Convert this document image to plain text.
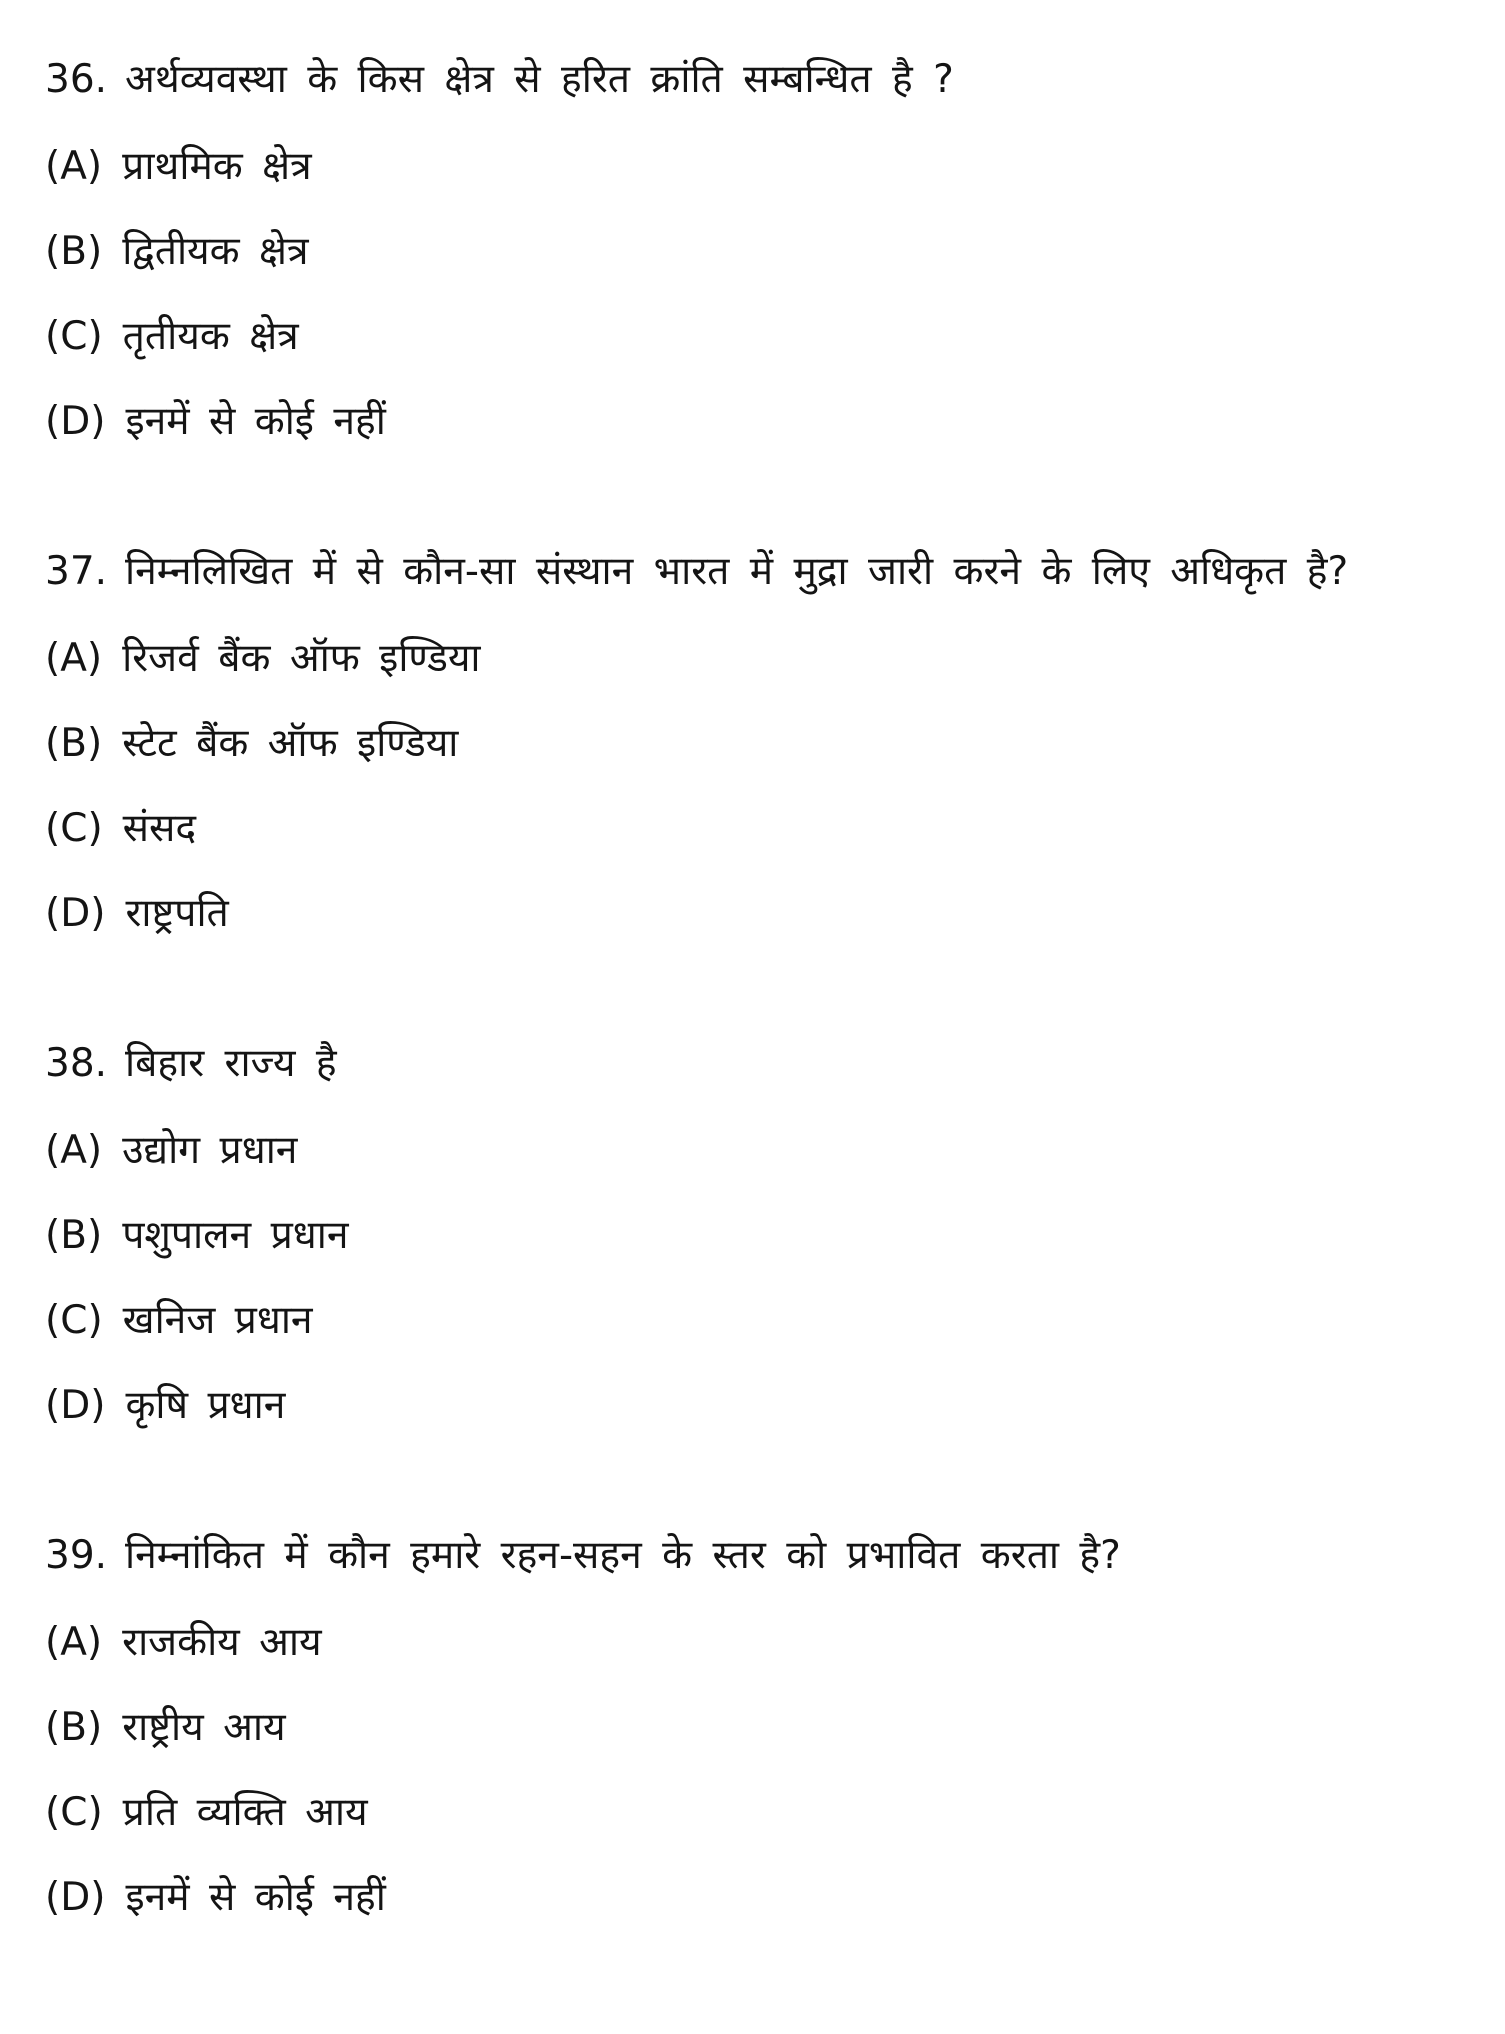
36. अर्थव्यवस्था के किस क्षेत्र से हरित क्रांति सम्बन्धित है ?

(A) प्राथमिक क्षेत्र

(B) द्वितीयक क्षेत्र

(C) तृतीयक क्षेत्र

(D) इनमें से कोई नहीं

37. निम्नलिखित में से कौन-सा संस्थान भारत में मुद्रा जारी करने के लिए अधिकृत है?

(A) रिजर्व बैंक ऑफ इण्डिया

(B) स्टेट बैंक ऑफ इण्डिया

(C) संसद

(D) राष्ट्रपति

38. बिहार राज्य है

(A) उद्योग प्रधान

(B) पशुपालन प्रधान

(C) खनिज प्रधान

(D) कृषि प्रधान

39. निम्नांकित में कौन हमारे रहन-सहन के स्तर को प्रभावित करता है?

(A) राजकीय आय

(B) राष्ट्रीय आय

(C) प्रति व्यक्ति आय

(D) इनमें से कोई नहीं
